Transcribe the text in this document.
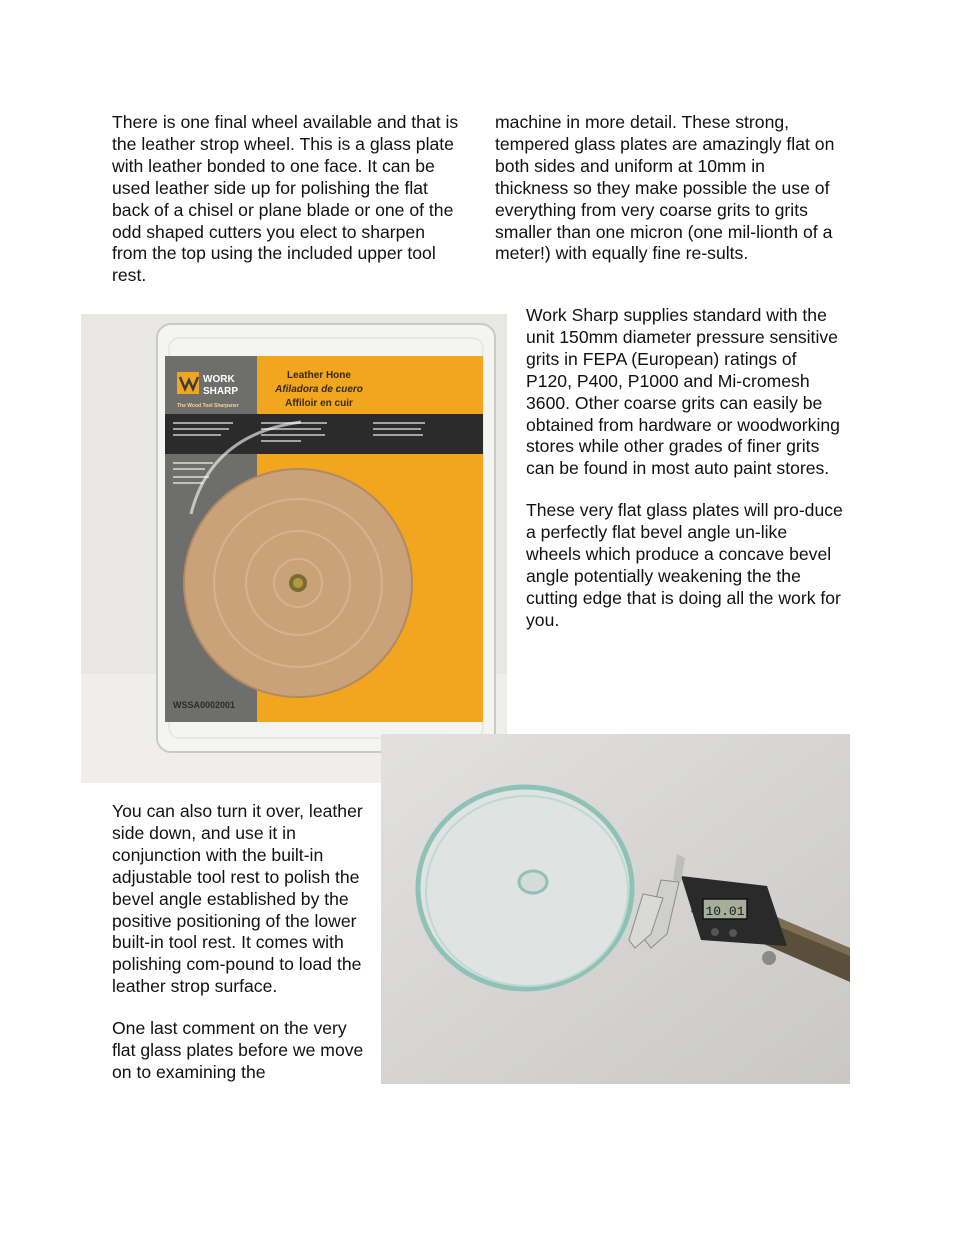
There is one final wheel available and that is the leather strop wheel. This is a glass plate with leather bonded to one face. It can be used leather side up for polishing the flat back of a chisel or plane blade or one of the odd shaped cutters you elect to sharpen from the top using the included upper tool rest.

machine in more detail. These strong, tempered glass plates are amazingly flat on both sides and uniform at 10mm in thickness so they make possible the use of everything from very coarse grits to grits smaller than one micron (one mil-lionth of a meter!) with equally fine re-sults.

Work Sharp supplies standard with the unit 150mm diameter pressure sensitive grits in FEPA (European) ratings of P120, P400, P1000 and Mi-cromesh 3600. Other coarse grits can easily be obtained from hardware or woodworking stores while other grades of finer grits can be found in most auto paint stores.

These very flat glass plates will pro-duce a perfectly flat bevel angle un-like wheels which produce a concave bevel angle potentially weakening the the cutting edge that is doing all the work for you.

You can also turn it over, leather side down, and use it in conjunction with the built-in adjustable tool rest to polish the bevel angle established by the positive positioning of the lower built-in tool rest. It comes with polishing com-pound to load the leather strop surface.

One last comment on the very flat glass plates before we move on to examining the

WORK
SHARP
The Wood Tool Sharpener
Leather Hone
Afiladora de cuero
Affiloir en cuir
WSSA0002001
10.01
